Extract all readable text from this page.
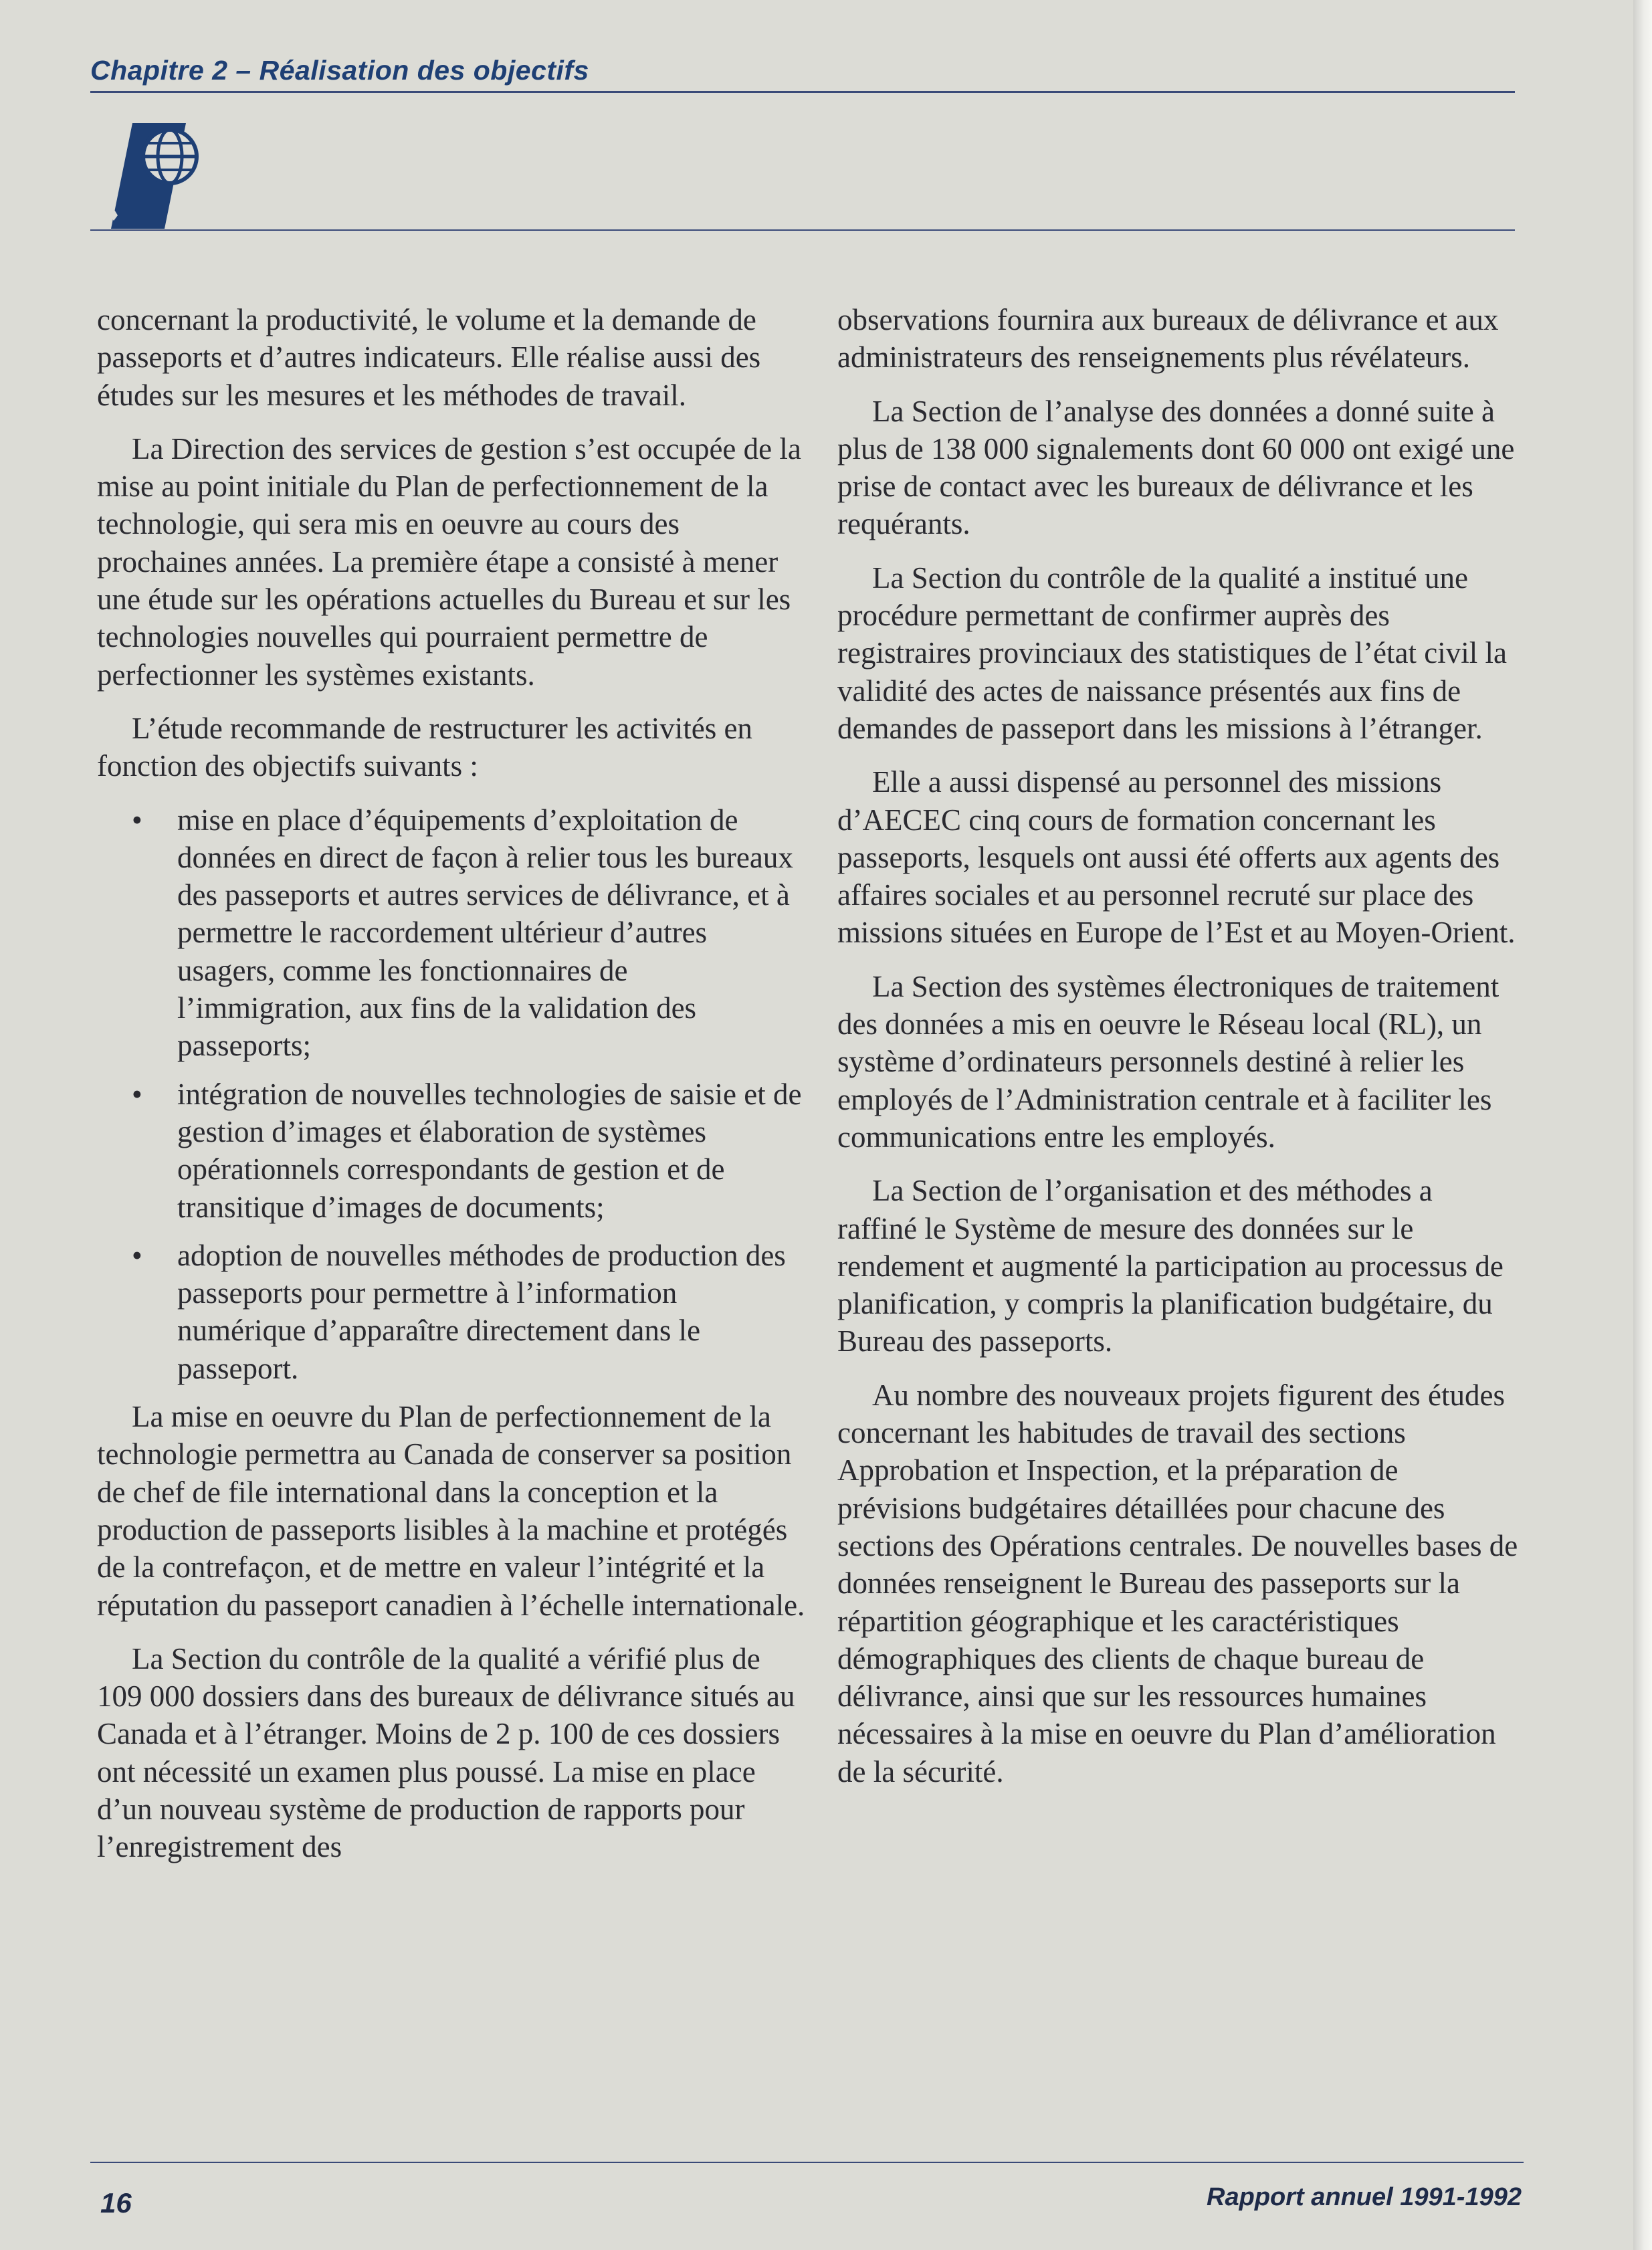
Chapitre 2 – Réalisation des objectifs

concernant la productivité, le volume et la demande de passeports et d’autres indicateurs. Elle réalise aussi des études sur les mesures et les méthodes de travail.

La Direction des services de gestion s’est occupée de la mise au point initiale du Plan de perfectionnement de la technologie, qui sera mis en oeuvre au cours des prochaines années. La première étape a consisté à mener une étude sur les opérations actuelles du Bureau et sur les technologies nouvelles qui pourraient permettre de perfectionner les systèmes existants.

L’étude recommande de restructurer les activités en fonction des objectifs suivants :

• mise en place d’équipements d’exploitation de données en direct de façon à relier tous les bureaux des passeports et autres services de délivrance, et à permettre le raccordement ultérieur d’autres usagers, comme les fonctionnaires de l’immigration, aux fins de la validation des passeports;
• intégration de nouvelles technologies de saisie et de gestion d’images et élaboration de systèmes opérationnels correspondants de gestion et de transitique d’images de documents;
• adoption de nouvelles méthodes de production des passeports pour permettre à l’information numérique d’apparaître directement dans le passeport.

La mise en oeuvre du Plan de perfectionnement de la technologie permettra au Canada de conserver sa position de chef de file international dans la conception et la production de passeports lisibles à la machine et protégés de la contrefaçon, et de mettre en valeur l’intégrité et la réputation du passeport canadien à l’échelle internationale.

La Section du contrôle de la qualité a vérifié plus de 109 000 dossiers dans des bureaux de délivrance situés au Canada et à l’étranger. Moins de 2 p. 100 de ces dossiers ont nécessité un examen plus poussé. La mise en place d’un nouveau système de production de rapports pour l’enregistrement des

observations fournira aux bureaux de délivrance et aux administrateurs des renseignements plus révélateurs.

La Section de l’analyse des données a donné suite à plus de 138 000 signalements dont 60 000 ont exigé une prise de contact avec les bureaux de délivrance et les requérants.

La Section du contrôle de la qualité a institué une procédure permettant de confirmer auprès des registraires provinciaux des statistiques de l’état civil la validité des actes de naissance présentés aux fins de demandes de passeport dans les missions à l’étranger.

Elle a aussi dispensé au personnel des missions d’AECEC cinq cours de formation concernant les passeports, lesquels ont aussi été offerts aux agents des affaires sociales et au personnel recruté sur place des missions situées en Europe de l’Est et au Moyen-Orient.

La Section des systèmes électroniques de traitement des données a mis en oeuvre le Réseau local (RL), un système d’ordinateurs personnels destiné à relier les employés de l’Administration centrale et à faciliter les communications entre les employés.

La Section de l’organisation et des méthodes a raffiné le Système de mesure des données sur le rendement et augmenté la participation au processus de planification, y compris la planification budgétaire, du Bureau des passeports.

Au nombre des nouveaux projets figurent des études concernant les habitudes de travail des sections Approbation et Inspection, et la préparation de prévisions budgétaires détaillées pour chacune des sections des Opérations centrales. De nouvelles bases de données renseignent le Bureau des passeports sur la répartition géographique et les caractéristiques démographiques des clients de chaque bureau de délivrance, ainsi que sur les ressources humaines nécessaires à la mise en oeuvre du Plan d’amélioration de la sécurité.

16	Rapport annuel 1991-1992
